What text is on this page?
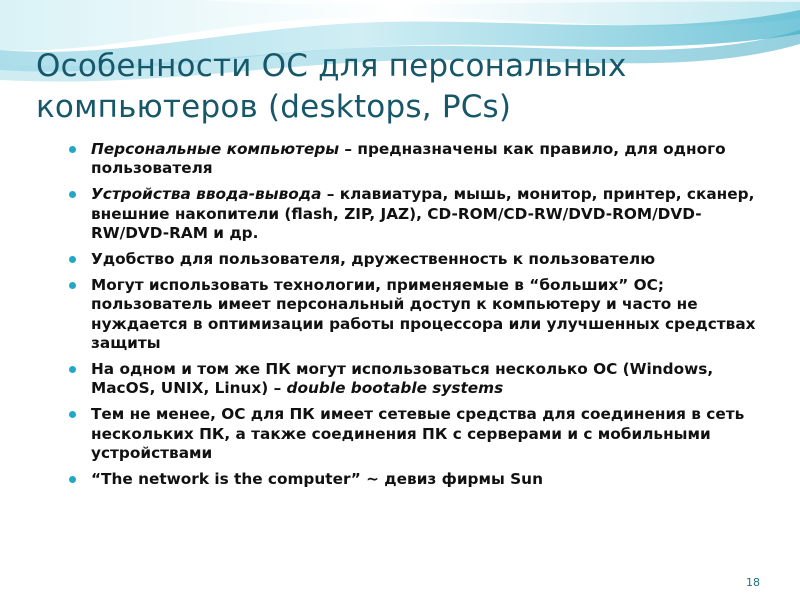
Особенности ОС для персональных компьютеров (desktops, PCs)
Персональные компьютеры – предназначены как правило, для одного пользователя
Устройства ввода-вывода – клавиатура, мышь, монитор, принтер, сканер, внешние накопители (flash, ZIP, JAZ), CD-ROM/CD-RW/DVD-ROM/DVD-RW/DVD-RAM и др.
Удобство для пользователя, дружественность к пользователю
Могут использовать технологии, применяемые в “больших” ОС; пользователь имеет персональный доступ к компьютеру и часто не нуждается в оптимизации работы процессора или улучшенных средствах защиты
На одном и том же ПК могут использоваться несколько ОС (Windows, MacOS, UNIX, Linux) – double bootable systems
Тем не менее, ОС для ПК имеет сетевые средства для соединения в сеть нескольких ПК, а также соединения ПК с серверами и с мобильными устройствами
“The network is the computer” ~ девиз фирмы Sun
18
